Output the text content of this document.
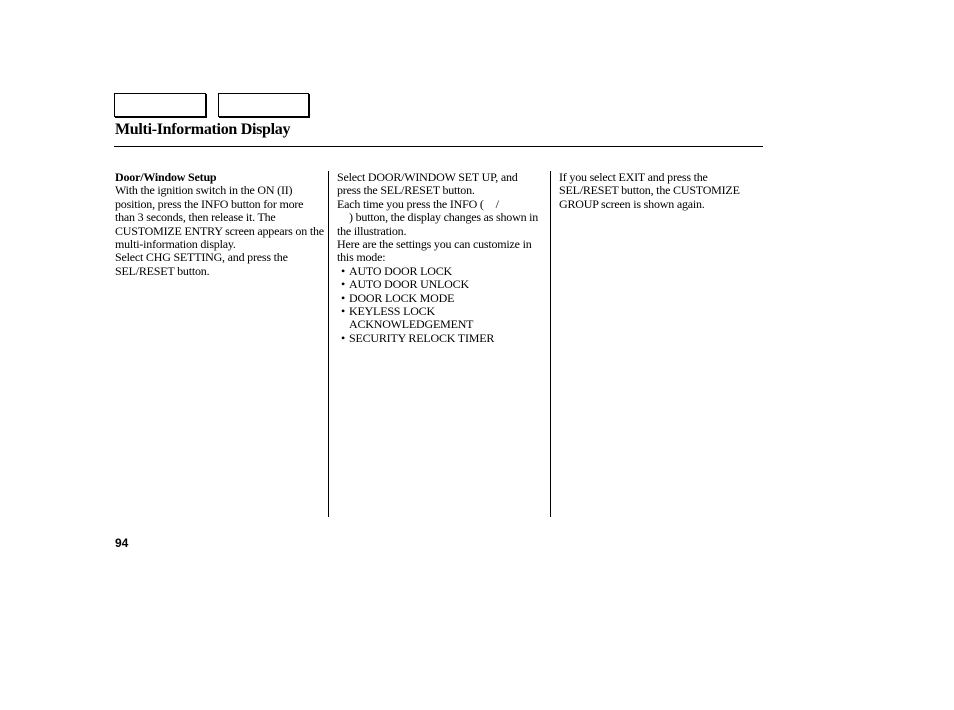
Multi-Information Display

Door/Window Setup

With the ignition switch in the ON (II) position, press the INFO button for more than 3 seconds, then release it. The CUSTOMIZE ENTRY screen appears on the multi-information display.

Select CHG SETTING, and press the SEL/RESET button.

Select DOOR/WINDOW SET UP, and press the SEL/RESET button.

Each time you press the INFO ( /
) button, the display changes as shown in the illustration.

Here are the settings you can customize in this mode:

• AUTO DOOR LOCK
• AUTO DOOR UNLOCK
• DOOR LOCK MODE
• KEYLESS LOCK ACKNOWLEDGEMENT
• SECURITY RELOCK TIMER

If you select EXIT and press the SEL/RESET button, the CUSTOMIZE GROUP screen is shown again.

94
